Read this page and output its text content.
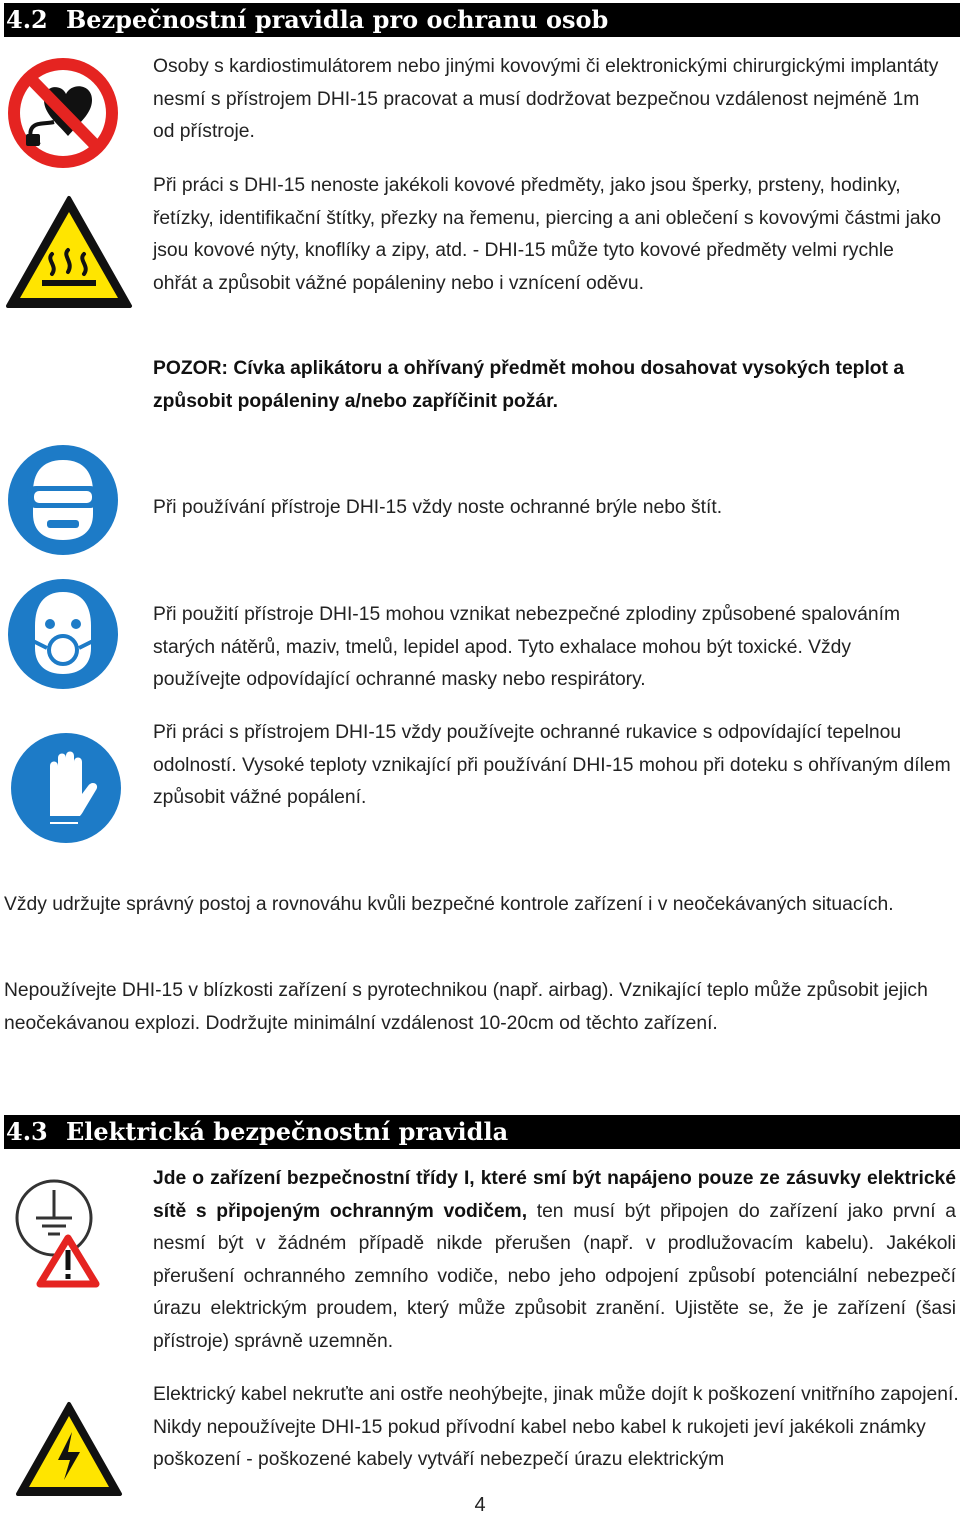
4.2 Bezpečnostní pravidla pro ochranu osob

Osoby s kardiostimulátorem nebo jinými kovovými či elektronickými chirurgickými implantáty nesmí s přístrojem DHI-15 pracovat a musí dodržovat bezpečnou vzdálenost nejméně 1m od přístroje.

Při práci s DHI-15 nenoste jakékoli kovové předměty, jako jsou šperky, prsteny, hodinky, řetízky, identifikační štítky, přezky na řemenu, piercing a ani oblečení s kovovými částmi jako jsou kovové nýty, knoflíky a zipy, atd. - DHI-15 může tyto kovové předměty velmi rychle ohřát a způsobit vážné popáleniny nebo i vznícení oděvu.

POZOR: Cívka aplikátoru a ohřívaný předmět mohou dosahovat vysokých teplot a způsobit popáleniny a/nebo zapříčinit požár.

Při používání přístroje DHI-15 vždy noste ochranné brýle nebo štít.

Při použití přístroje DHI-15 mohou vznikat nebezpečné zplodiny způsobené spalováním starých nátěrů, maziv, tmelů, lepidel apod. Tyto exhalace mohou být toxické. Vždy používejte odpovídající ochranné masky nebo respirátory.

Při práci s přístrojem DHI-15 vždy používejte ochranné rukavice s odpovídající tepelnou odolností. Vysoké teploty vznikající při používání DHI-15 mohou při doteku s ohřívaným dílem způsobit vážné popálení.

Vždy udržujte správný postoj a rovnováhu kvůli bezpečné kontrole zařízení i v neočekávaných situacích.

Nepoužívejte DHI-15 v blízkosti zařízení s pyrotechnikou (např. airbag). Vznikající teplo může způsobit jejich neočekávanou explozi. Dodržujte minimální vzdálenost 10-20cm od těchto zařízení.

4.3 Elektrická bezpečnostní pravidla

Jde o zařízení bezpečnostní třídy I, které smí být napájeno pouze ze zásuvky elektrické sítě s připojeným ochranným vodičem, ten musí být připojen do zařízení jako první a nesmí být v žádném případě nikde přerušen (např. v prodlužovacím kabelu). Jakékoli přerušení ochranného zemního vodiče, nebo jeho odpojení způsobí potenciální nebezpečí úrazu elektrickým proudem, který může způsobit zranění. Ujistěte se, že je zařízení (šasi přístroje) správně uzemněn.

Elektrický kabel nekruťte ani ostře neohýbejte, jinak může dojít k poškození vnitřního zapojení. Nikdy nepoužívejte DHI-15 pokud přívodní kabel nebo kabel k rukojeti jeví jakékoli známky poškození - poškozené kabely vytváří nebezpečí úrazu elektrickým

4
